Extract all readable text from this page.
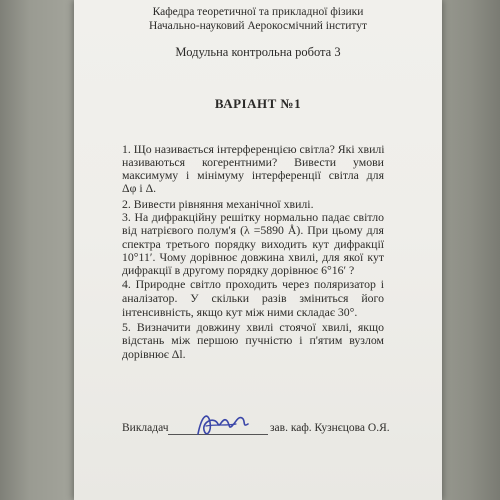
Кафедра теоретичної та прикладної фізики
Начально-науковий Аерокосмічний інститут
Модульна контрольна робота 3
ВАРІАНТ №1
1. Що називається інтерференцією світла? Які хвилі
називаються когерентними? Вивести умови
максимуму і мінімуму інтерференції світла для
Δφ і Δ.
2. Вивести рівняння механічної хвилі.
3. На дифракційну решітку нормально падає світло
від натрієвого полум'я (λ =5890 Å). При цьому для
спектра третього порядку виходить кут дифракції
10°11′. Чому дорівнює довжина хвилі, для якої кут
дифракції в другому порядку дорівнює 6°16′ ?
4. Природне світло проходить через поляризатор і
аналізатор. У скільки разів зміниться його
інтенсивність, якщо кут між ними складає 30°.
5. Визначити довжину хвилі стоячої хвилі, якщо
відстань між першою пучністю і п'ятим вузлом
дорівнює Δl.
Викладач	зав. каф. Кузнєцова О.Я.
